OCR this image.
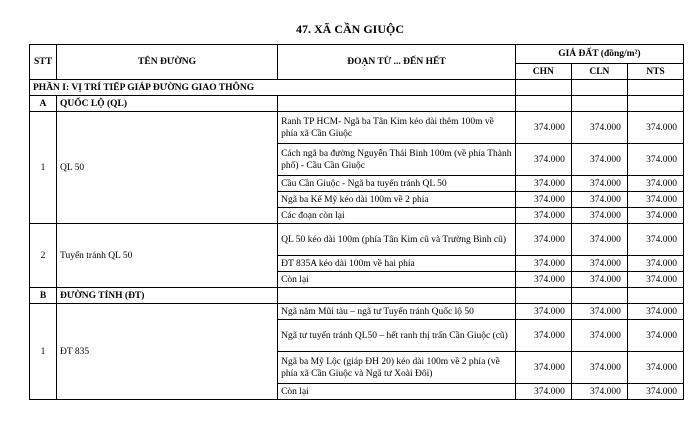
47. XÃ CẦN GIUỘC
STT	TÊN ĐƯỜNG	ĐOẠN TỪ ... ĐẾN HẾT	GIÁ ĐẤT (đồng/m²)		
			CHN	CLN	NTS
PHẦN I: VỊ TRÍ TIẾP GIÁP ĐƯỜNG GIAO THÔNG					
A	QUỐC LỘ (QL)				
1	QL 50	Ranh TP HCM- Ngã ba Tân Kim kéo dài thêm 100m về phía xã Cần Giuộc	374.000	374.000	374.000
		Cách ngã ba đường Nguyễn Thái Bình 100m (về phía Thành phố) - Cầu Cần Giuộc	374.000	374.000	374.000
		Cầu Cần Giuộc - Ngã ba tuyến tránh QL 50	374.000	374.000	374.000
		Ngã ba Kế Mỹ kéo dài 100m về 2 phía	374.000	374.000	374.000
		Các đoạn còn lại	374.000	374.000	374.000
2	Tuyến tránh QL 50	QL 50 kéo dài 100m (phía Tân Kim cũ và Trường Bình cũ)	374.000	374.000	374.000
		ĐT 835A kéo dài 100m về hai phía	374.000	374.000	374.000
		Còn lại	374.000	374.000	374.000
B	ĐƯỜNG TỈNH (ĐT)				
1	ĐT 835	Ngã năm Mũi tàu – ngã tư Tuyến tránh Quốc lộ 50	374.000	374.000	374.000
		Ngã tư tuyến tránh QL50 – hết ranh thị trấn Cần Giuộc (cũ)	374.000	374.000	374.000
		Ngã ba Mỹ Lộc (giáp ĐH 20) kéo dài 100m về 2 phía (về phía xã Cần Giuộc và Ngã tư Xoài Đôi)	374.000	374.000	374.000
		Còn lại	374.000	374.000	374.000
